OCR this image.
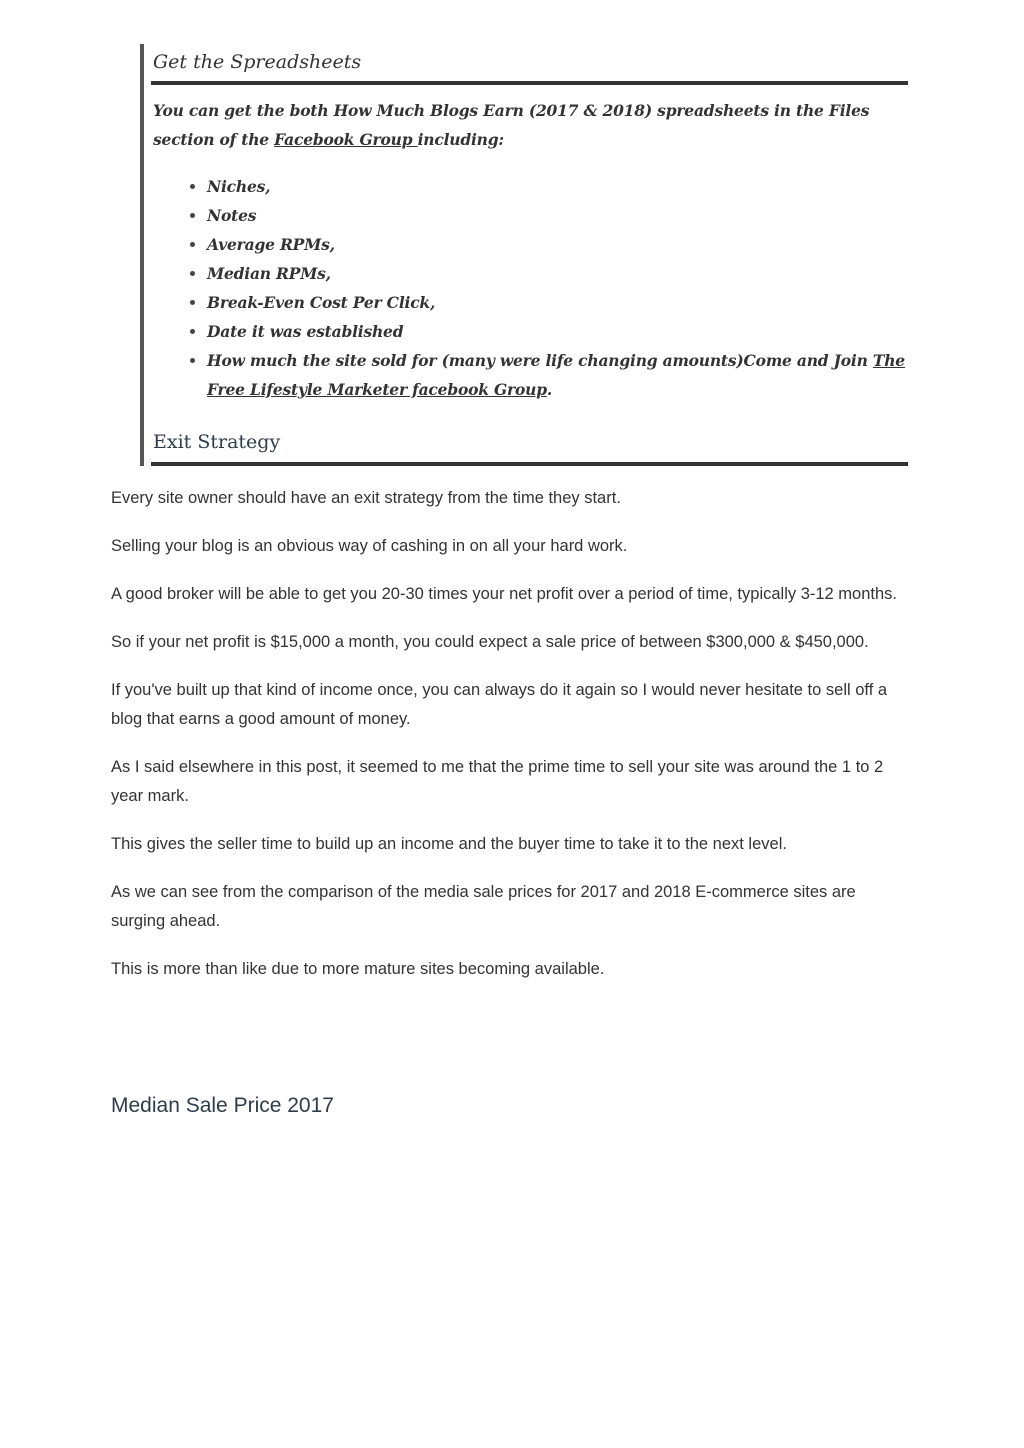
Get the Spreadsheets

You can get the both How Much Blogs Earn (2017 & 2018) spreadsheets in the Files section of the Facebook Group including:

Niches,
Notes
Average RPMs,
Median RPMs,
Break-Even Cost Per Click,
Date it was established
How much the site sold for (many were life changing amounts)Come and Join The Free Lifestyle Marketer facebook Group.
Exit Strategy

Every site owner should have an exit strategy from the time they start.

Selling your blog is an obvious way of cashing in on all your hard work.

A good broker will be able to get you 20-30 times your net profit over a period of time, typically 3-12 months.

So if your net profit is $15,000 a month, you could expect a sale price of between $300,000 & $450,000.

If you've built up that kind of income once, you can always do it again so I would never hesitate to sell off a blog that earns a good amount of money.

As I said elsewhere in this post, it seemed to me that the prime time to sell your site was around the 1 to 2 year mark.

This gives the seller time to build up an income and the buyer time to take it to the next level.

As we can see from the comparison of the media sale prices for 2017 and 2018 E-commerce sites are surging ahead.

This is more than like due to more mature sites becoming available.

Median Sale Price 2017
